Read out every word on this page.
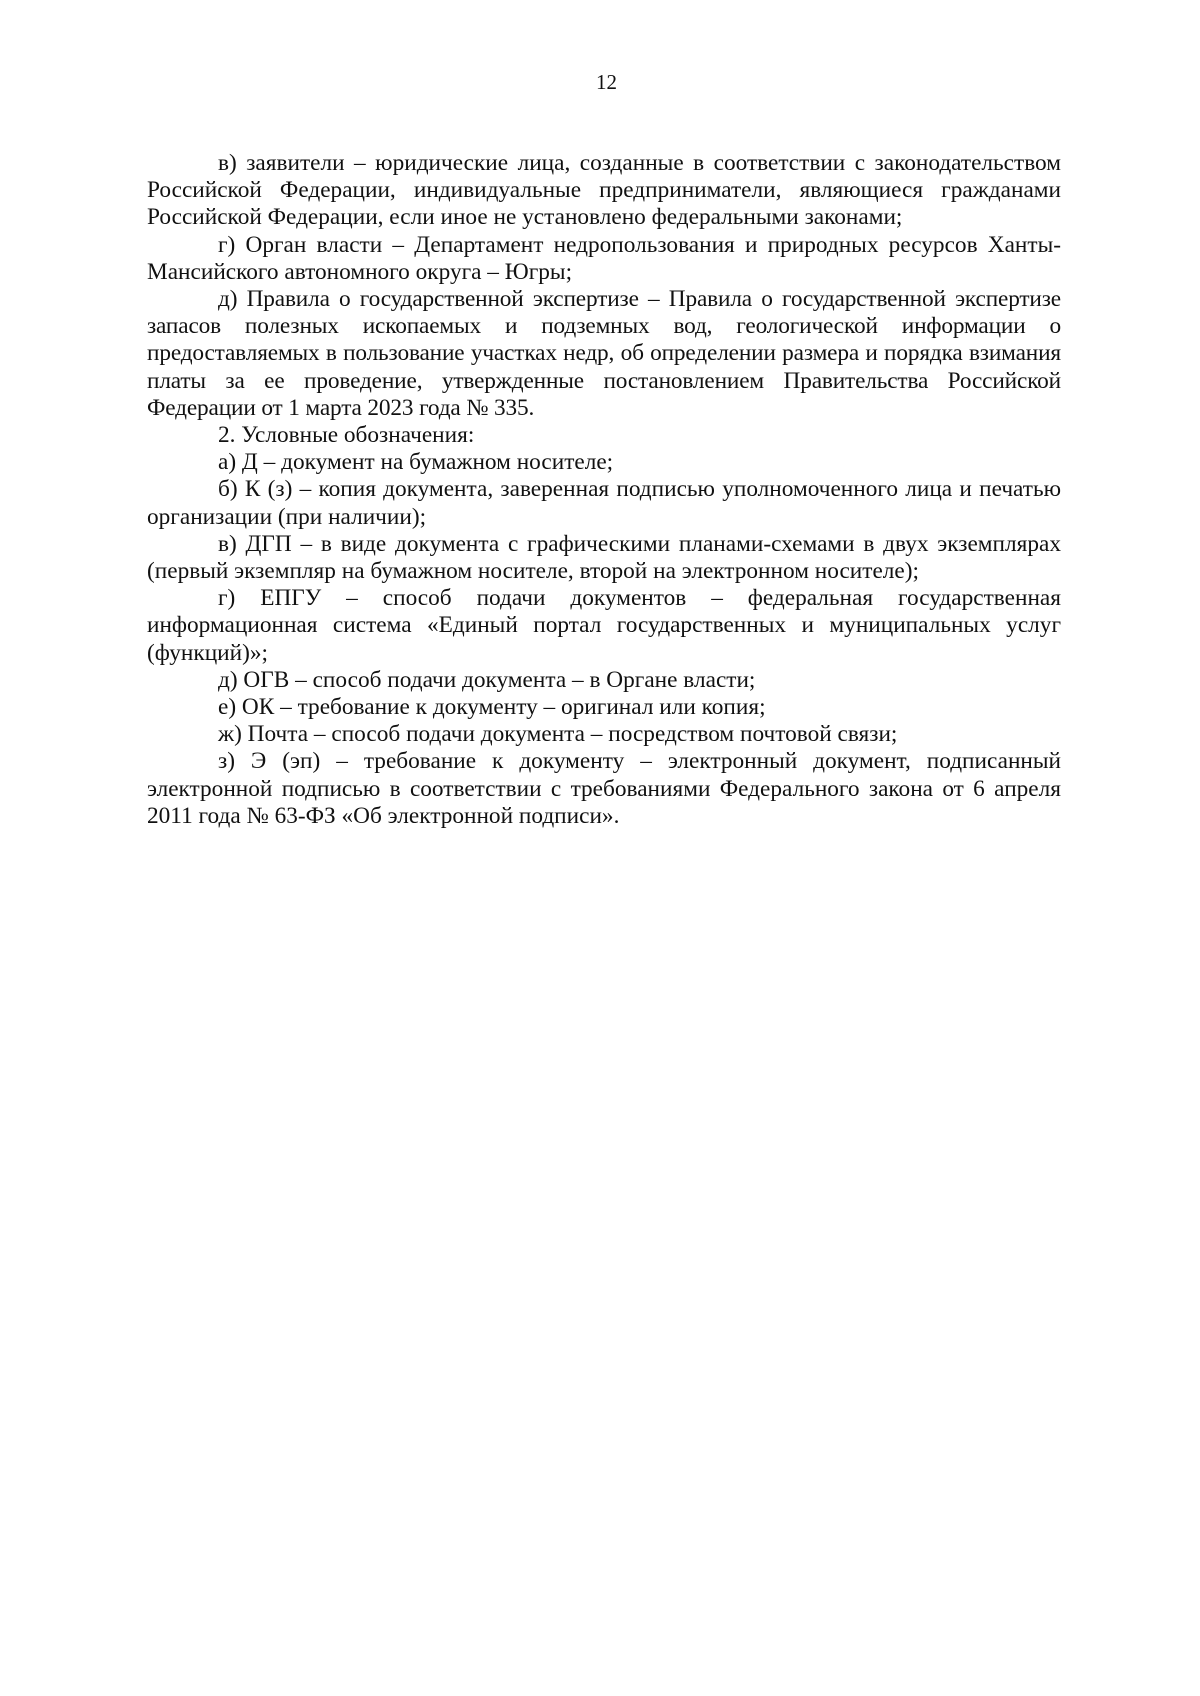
12

в) заявители – юридические лица, созданные в соответствии с законодательством Российской Федерации, индивидуальные предприниматели, являющиеся гражданами Российской Федерации, если иное не установлено федеральными законами;

г) Орган власти – Департамент недропользования и природных ресурсов Ханты-Мансийского автономного округа – Югры;

д) Правила о государственной экспертизе – Правила о государственной экспертизе запасов полезных ископаемых и подземных вод, геологической информации о предоставляемых в пользование участках недр, об определении размера и порядка взимания платы за ее проведение, утвержденные постановлением Правительства Российской Федерации от 1 марта 2023 года № 335.

2. Условные обозначения:

а) Д – документ на бумажном носителе;

б) К (з) – копия документа, заверенная подписью уполномоченного лица и печатью организации (при наличии);

в) ДГП – в виде документа с графическими планами-схемами в двух экземплярах (первый экземпляр на бумажном носителе, второй на электронном носителе);

г) ЕПГУ – способ подачи документов – федеральная государственная информационная система «Единый портал государственных и муниципальных услуг (функций)»;

д) ОГВ – способ подачи документа – в Органе власти;

е) ОК – требование к документу – оригинал или копия;

ж) Почта – способ подачи документа – посредством почтовой связи;

з) Э (эп) – требование к документу – электронный документ, подписанный электронной подписью в соответствии с требованиями Федерального закона от 6 апреля 2011 года № 63-ФЗ «Об электронной подписи».
